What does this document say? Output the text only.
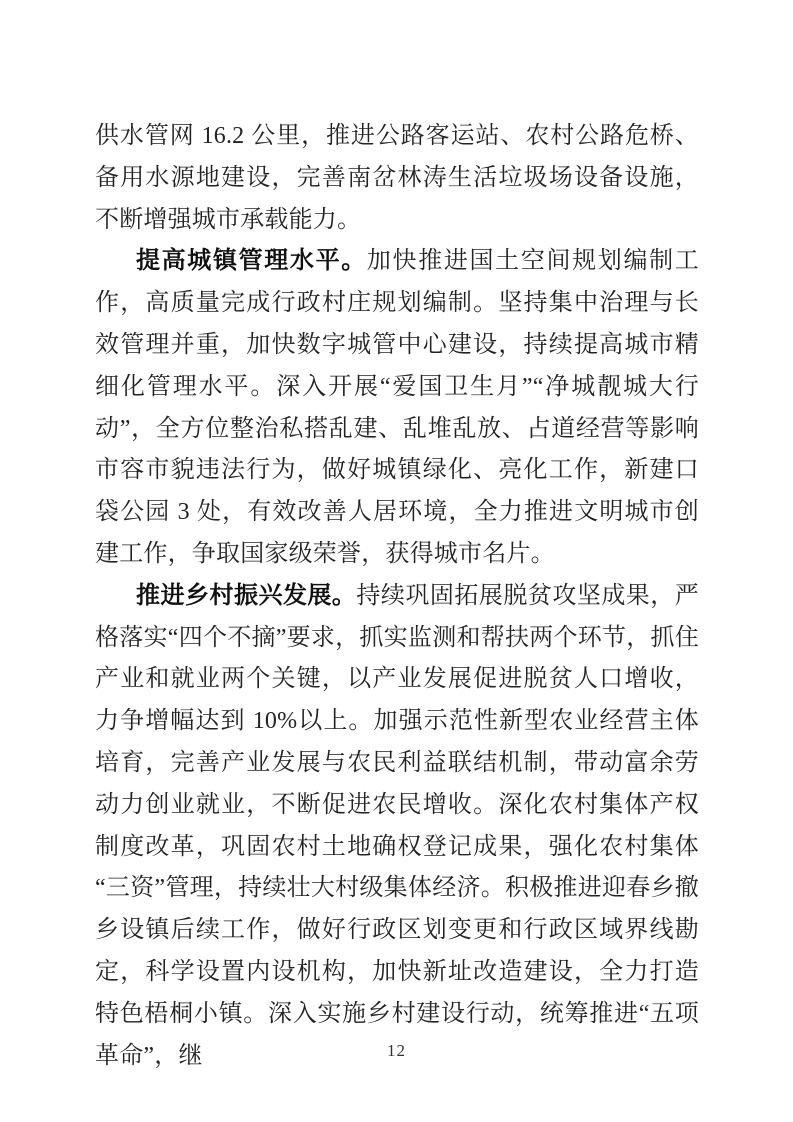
供水管网 16.2 公里，推进公路客运站、农村公路危桥、备用水源地建设，完善南岔林涛生活垃圾场设备设施，不断增强城市承载能力。

提高城镇管理水平。加快推进国土空间规划编制工作，高质量完成行政村庄规划编制。坚持集中治理与长效管理并重，加快数字城管中心建设，持续提高城市精细化管理水平。深入开展“爱国卫生月”“净城靓城大行动”，全方位整治私搭乱建、乱堆乱放、占道经营等影响市容市貌违法行为，做好城镇绿化、亮化工作，新建口袋公园 3 处，有效改善人居环境，全力推进文明城市创建工作，争取国家级荣誉，获得城市名片。

推进乡村振兴发展。持续巩固拓展脱贫攻坚成果，严格落实“四个不摘”要求，抓实监测和帮扶两个环节，抓住产业和就业两个关键，以产业发展促进脱贫人口增收，力争增幅达到 10%以上。加强示范性新型农业经营主体培育，完善产业发展与农民利益联结机制，带动富余劳动力创业就业，不断促进农民增收。深化农村集体产权制度改革，巩固农村土地确权登记成果，强化农村集体“三资”管理，持续壮大村级集体经济。积极推进迎春乡撤乡设镇后续工作，做好行政区划变更和行政区域界线勘定，科学设置内设机构，加快新址改造建设，全力打造特色梧桐小镇。深入实施乡村建设行动，统筹推进“五项革命”，继	12
